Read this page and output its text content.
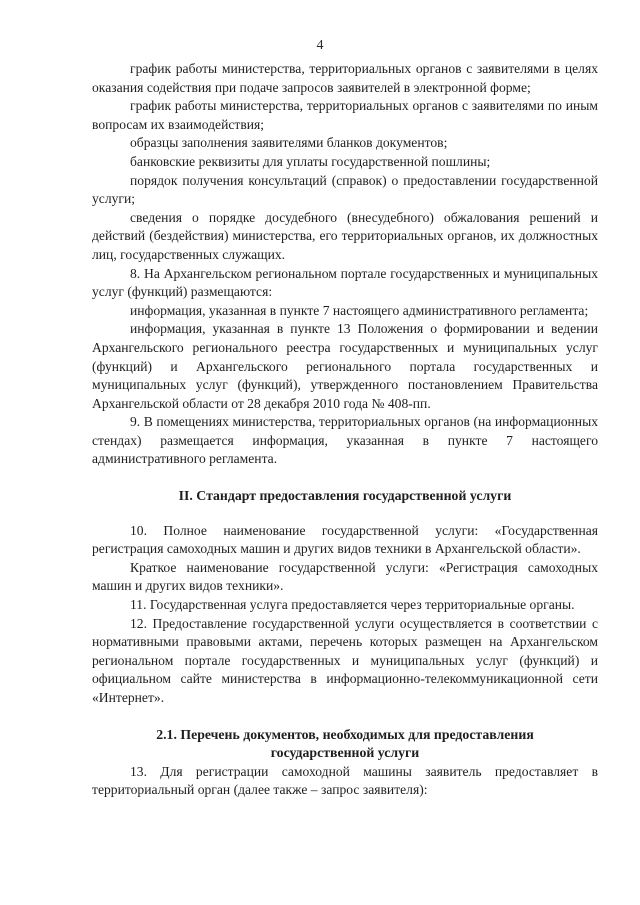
4

график работы министерства, территориальных органов с заявителями в целях оказания содействия при подаче запросов заявителей в электронной форме;

график работы министерства, территориальных органов с заявителями по иным вопросам их взаимодействия;

образцы заполнения заявителями бланков документов;

банковские реквизиты для уплаты государственной пошлины;

порядок получения консультаций (справок) о предоставлении государственной услуги;

сведения о порядке досудебного (внесудебного) обжалования решений и действий (бездействия) министерства, его территориальных органов, их должностных лиц, государственных служащих.

8. На Архангельском региональном портале государственных и муниципальных услуг (функций) размещаются:

информация, указанная в пункте 7 настоящего административного регламента;

информация, указанная в пункте 13 Положения о формировании и ведении Архангельского регионального реестра государственных и муниципальных услуг (функций) и Архангельского регионального портала государственных и муниципальных услуг (функций), утвержденного постановлением Правительства Архангельской области от 28 декабря 2010 года № 408-пп.

9. В помещениях министерства, территориальных органов (на информационных стендах) размещается информация, указанная в пункте 7 настоящего административного регламента.

II. Стандарт предоставления государственной услуги

10. Полное наименование государственной услуги: «Государственная регистрация самоходных машин и других видов техники в Архангельской области».

Краткое наименование государственной услуги: «Регистрация самоходных машин и других видов техники».

11. Государственная услуга предоставляется через территориальные органы.

12. Предоставление государственной услуги осуществляется в соответствии с нормативными правовыми актами, перечень которых размещен на Архангельском региональном портале государственных и муниципальных услуг (функций) и официальном сайте министерства в информационно-телекоммуникационной сети «Интернет».

2.1. Перечень документов, необходимых для предоставления
государственной услуги

13. Для регистрации самоходной машины заявитель предоставляет в территориальный орган (далее также – запрос заявителя):
